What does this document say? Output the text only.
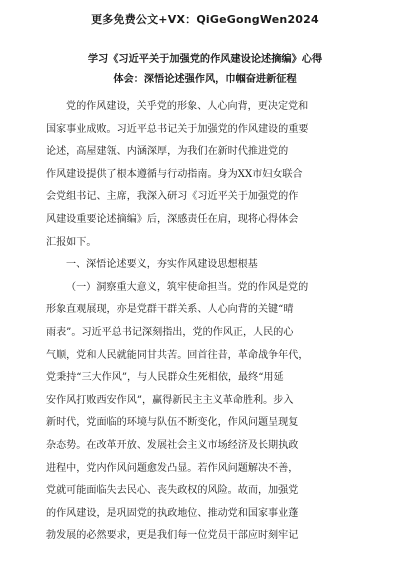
更多免费公文+VX：QiGeGongWen2024
学习《习近平关于加强党的作风建设论述摘编》心得
体会：深悟论述强作风，巾帼奋进新征程
党的作风建设，关乎党的形象、人心向背，更决定党和
国家事业成败。习近平总书记关于加强党的作风建设的重要
论述，高屋建瓴、内涵深厚，为我们在新时代推进党的
作风建设提供了根本遵循与行动指南。身为XX市妇女联合
会党组书记、主席，我深入研习《习近平关于加强党的作
风建设重要论述摘编》后，深感责任在肩，现将心得体会
汇报如下。
一、深悟论述要义，夯实作风建设思想根基
（一）洞察重大意义，筑牢使命担当。党的作风是党的
形象直观展现，亦是党群干群关系、人心向背的关键“晴
雨表”。习近平总书记深刻指出，党的作风正，人民的心
气顺，党和人民就能同甘共苦。回首往昔，革命战争年代，
党秉持“三大作风”，与人民群众生死相依，最终“用延
安作风打败西安作风”，赢得新民主主义革命胜利。步入
新时代，党面临的环境与队伍不断变化，作风问题呈现复
杂态势。在改革开放、发展社会主义市场经济及长期执政
进程中，党内作风问题愈发凸显。若作风问题解决不善，
党就可能面临失去民心、丧失政权的风险。故而，加强党
的作风建设，是巩固党的执政地位、推动党和国家事业蓬
勃发展的必然要求，更是我们每一位党员干部应时刻牢记
